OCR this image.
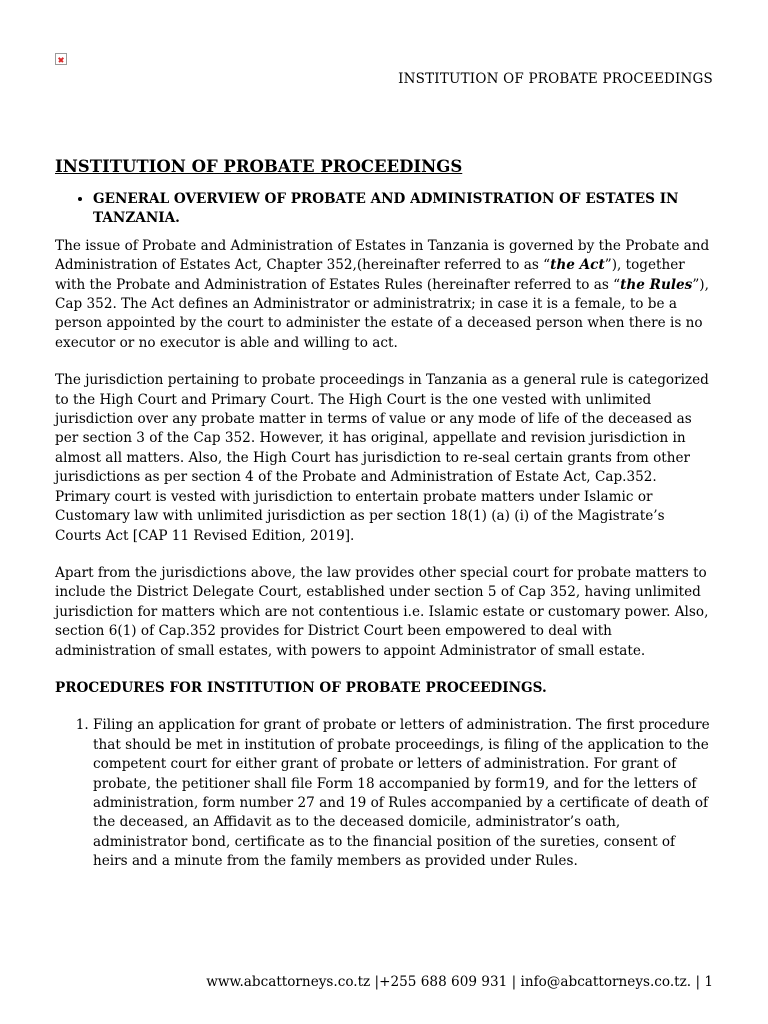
INSTITUTION OF PROBATE PROCEEDINGS
INSTITUTION OF PROBATE PROCEEDINGS
• GENERAL OVERVIEW OF PROBATE AND ADMINISTRATION OF ESTATES IN TANZANIA.

The issue of Probate and Administration of Estates in Tanzania is governed by the Probate and Administration of Estates Act, Chapter 352,(hereinafter referred to as “the Act”), together with the Probate and Administration of Estates Rules (hereinafter referred to as “the Rules”), Cap 352. The Act defines an Administrator or administratrix; in case it is a female, to be a person appointed by the court to administer the estate of a deceased person when there is no executor or no executor is able and willing to act.

The jurisdiction pertaining to probate proceedings in Tanzania as a general rule is categorized to the High Court and Primary Court. The High Court is the one vested with unlimited jurisdiction over any probate matter in terms of value or any mode of life of the deceased as per section 3 of the Cap 352. However, it has original, appellate and revision jurisdiction in almost all matters. Also, the High Court has jurisdiction to re-seal certain grants from other jurisdictions as per section 4 of the Probate and Administration of Estate Act, Cap.352. Primary court is vested with jurisdiction to entertain probate matters under Islamic or Customary law with unlimited jurisdiction as per section 18(1) (a) (i) of the Magistrate’s Courts Act [CAP 11 Revised Edition, 2019].

Apart from the jurisdictions above, the law provides other special court for probate matters to include the District Delegate Court, established under section 5 of Cap 352, having unlimited jurisdiction for matters which are not contentious i.e. Islamic estate or customary power. Also, section 6(1) of Cap.352 provides for District Court been empowered to deal with administration of small estates, with powers to appoint Administrator of small estate.

PROCEDURES FOR INSTITUTION OF PROBATE PROCEEDINGS.
1. Filing an application for grant of probate or letters of administration. The first procedure that should be met in institution of probate proceedings, is filing of the application to the competent court for either grant of probate or letters of administration. For grant of probate, the petitioner shall file Form 18 accompanied by form19, and for the letters of administration, form number 27 and 19 of Rules accompanied by a certificate of death of the deceased, an Affidavit as to the deceased domicile, administrator’s oath, administrator bond, certificate as to the financial position of the sureties, consent of heirs and a minute from the family members as provided under Rules.
www.abcattorneys.co.tz |+255 688 609 931 | info@abcattorneys.co.tz. | 1
